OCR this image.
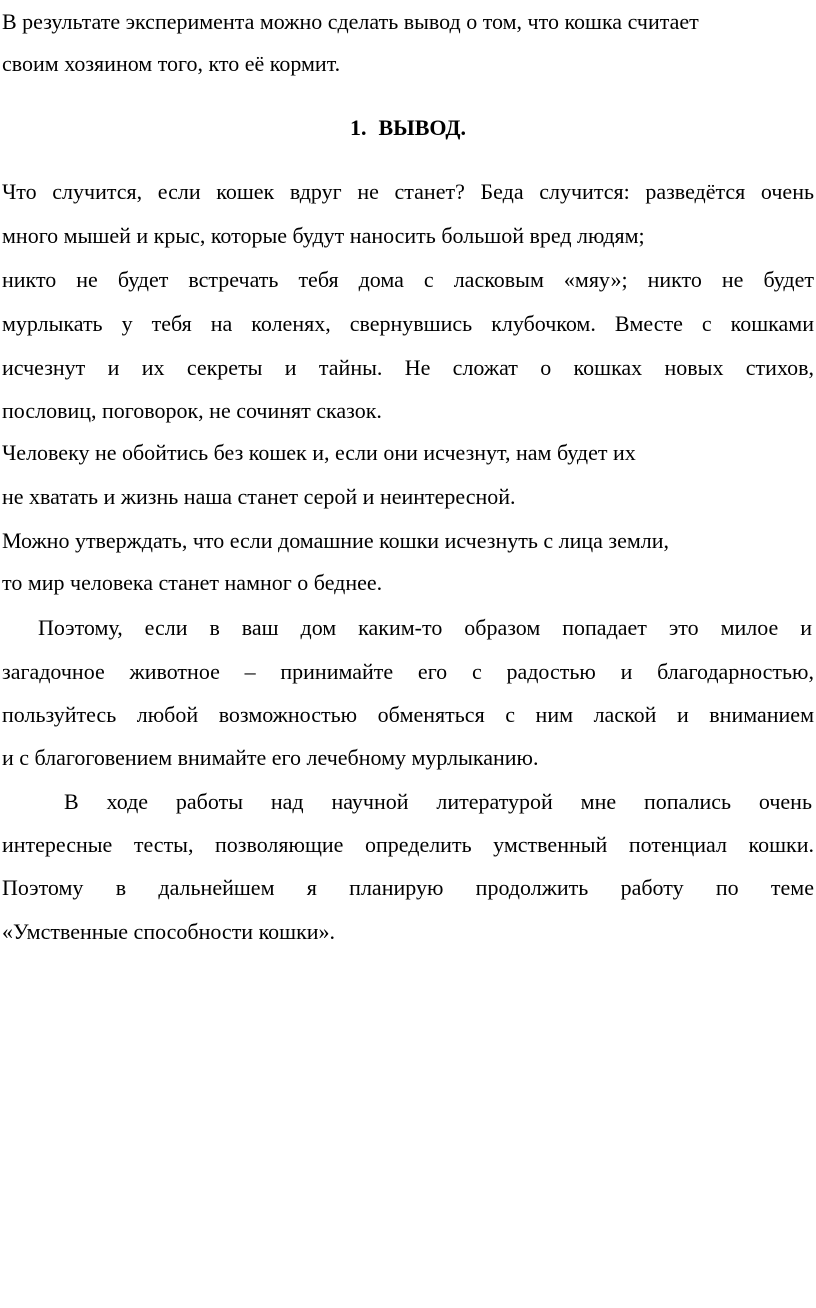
В результате эксперимента можно сделать вывод о том, что кошка считает
своим хозяином того, кто её кормит.
1. ВЫВОД.
Что случится, если кошек вдруг не станет? Беда случится: разведётся очень
много мышей и крыс, которые будут наносить большой вред людям;
никто не будет встречать тебя дома с ласковым «мяу»; никто не будет
мурлыкать у тебя на коленях, свернувшись клубочком. Вместе с кошками
исчезнут и их секреты и тайны. Не сложат о кошках новых стихов,
пословиц, поговорок, не сочинят сказок.
Человеку не обойтись без кошек и, если они исчезнут, нам будет их
не хватать и жизнь наша станет серой и неинтересной.
Можно утверждать, что если домашние кошки исчезнуть с лица земли,
то мир человека станет намног о беднее.
Поэтому, если в ваш дом каким-то образом попадает это милое и
загадочное животное – принимайте его с радостью и благодарностью,
пользуйтесь любой возможностью обменяться с ним лаской и вниманием
и с благоговением внимайте его лечебному мурлыканию.
В ходе работы над научной литературой мне попались очень
интересные тесты, позволяющие определить умственный потенциал кошки.
Поэтому в дальнейшем я планирую продолжить работу по теме
«Умственные способности кошки».
